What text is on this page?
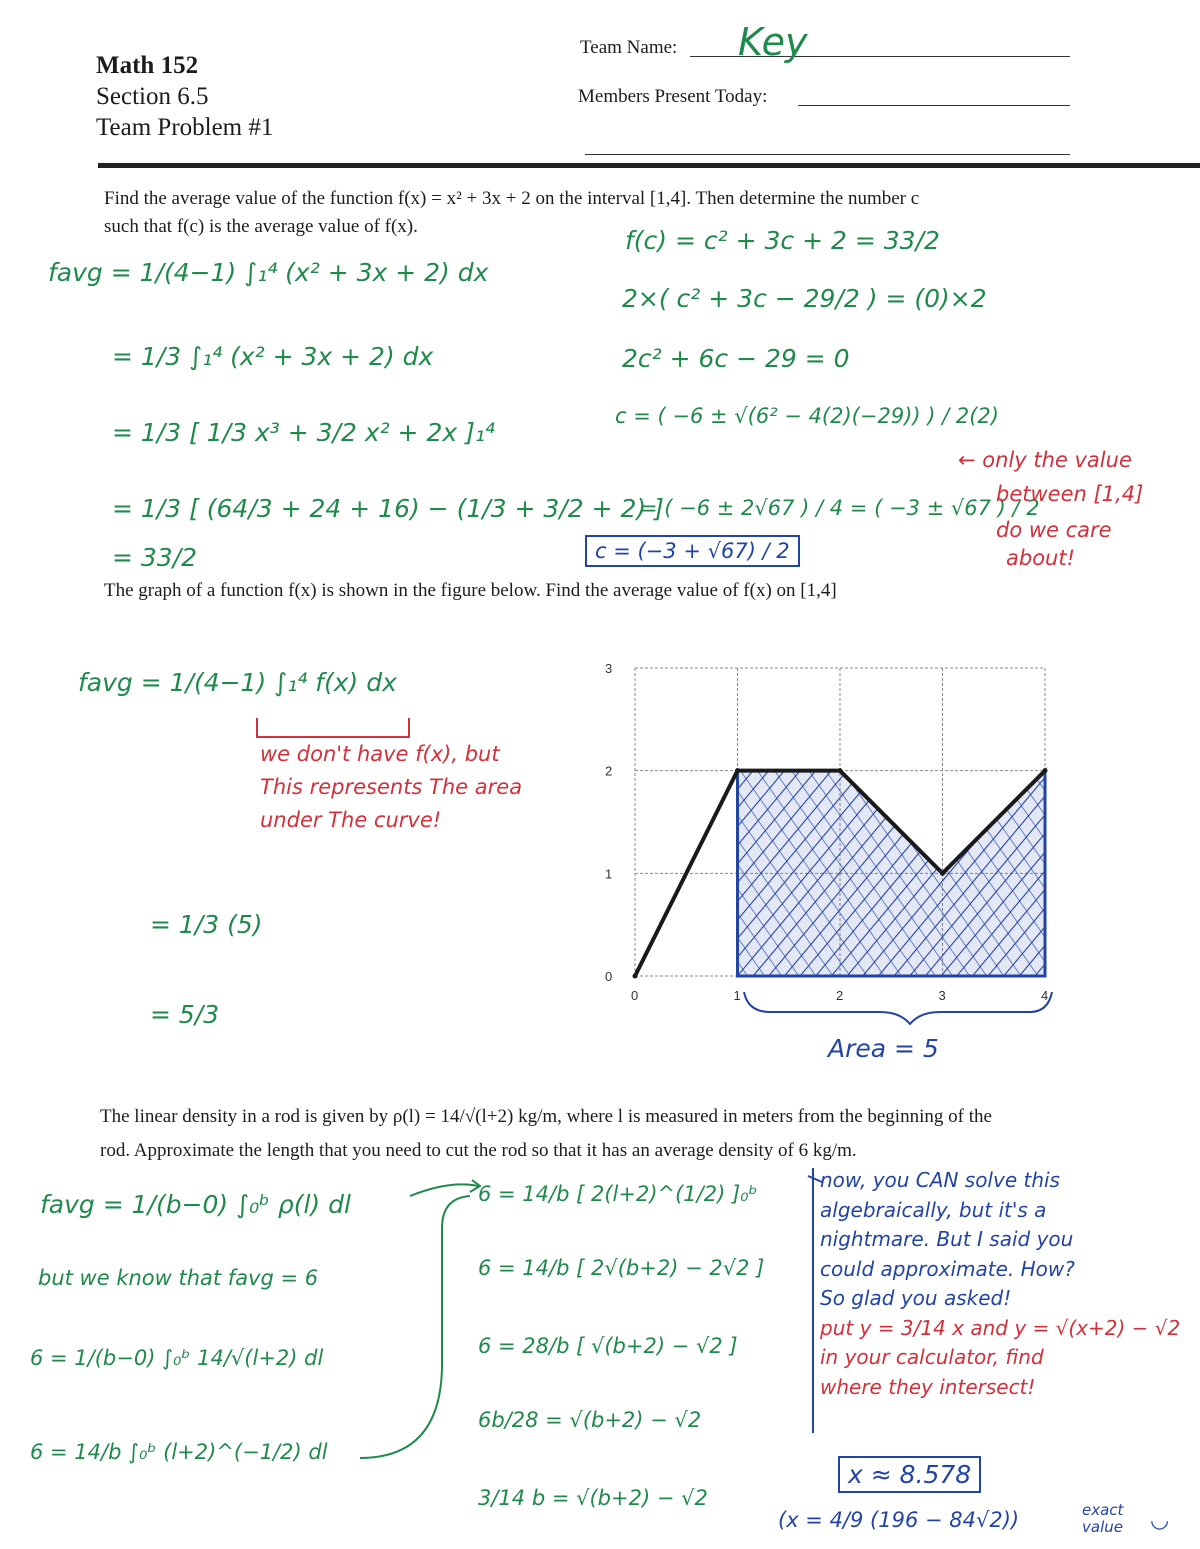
Math 152
Section 6.5
Team Problem #1
Team Name: Key
Members Present Today:
Find the average value of the function f(x) = x² + 3x + 2 on the interval [1,4]. Then determine the number c
such that f(c) is the average value of f(x).
favg = 1/(4−1) ∫₁⁴ (x² + 3x + 2) dx
= 1/3 ∫₁⁴ (x² + 3x + 2) dx
= 1/3 [ 1/3 x³ + 3/2 x² + 2x ]₁⁴
= 1/3 [ (64/3 + 24 + 16) − (1/3 + 3/2 + 2) ]
= 33/2
f(c) = c² + 3c + 2 = 33/2
2×( c² + 3c − 29/2 ) = (0)×2
2c² + 6c − 29 = 0
c = ( −6 ± √(6² − 4(2)(−29)) ) / 2(2)
= ( −6 ± 2√67 ) / 4 = ( −3 ± √67 ) / 2
c = (−3 + √67) / 2
← only the value
between [1,4]
do we care
about!
The graph of a function f(x) is shown in the figure below. Find the average value of f(x) on [1,4]
favg = 1/(4−1) ∫₁⁴ f(x) dx
we don't have f(x), but
This represents The area
under The curve!
= 1/3 (5)
= 5/3
0
1
2
3
0	1	2	3	4
Area = 5
The linear density in a rod is given by ρ(l) = 14/√(l+2) kg/m, where l is measured in meters from the beginning of the
rod. Approximate the length that you need to cut the rod so that it has an average density of 6 kg/m.
favg = 1/(b−0) ∫₀ᵇ ρ(l) dl
but we know that favg = 6
6 = 1/(b−0) ∫₀ᵇ 14/√(l+2) dl
6 = 14/b ∫₀ᵇ (l+2)^(−1/2) dl
6 = 14/b [ 2(l+2)^(1/2) ]₀ᵇ
6 = 14/b [ 2√(b+2) − 2√2 ]
6 = 28/b [ √(b+2) − √2 ]
6b/28 = √(b+2) − √2
3/14 b = √(b+2) − √2
now, you CAN solve this
algebraically, but it's a
nightmare. But I said you
could approximate. How?
So glad you asked!
put y = 3/14 x and y = √(x+2) − √2
in your calculator, find
where they intersect!
x ≈ 8.578
(x = 4/9 (196 − 84√2))	exact
value ◡
